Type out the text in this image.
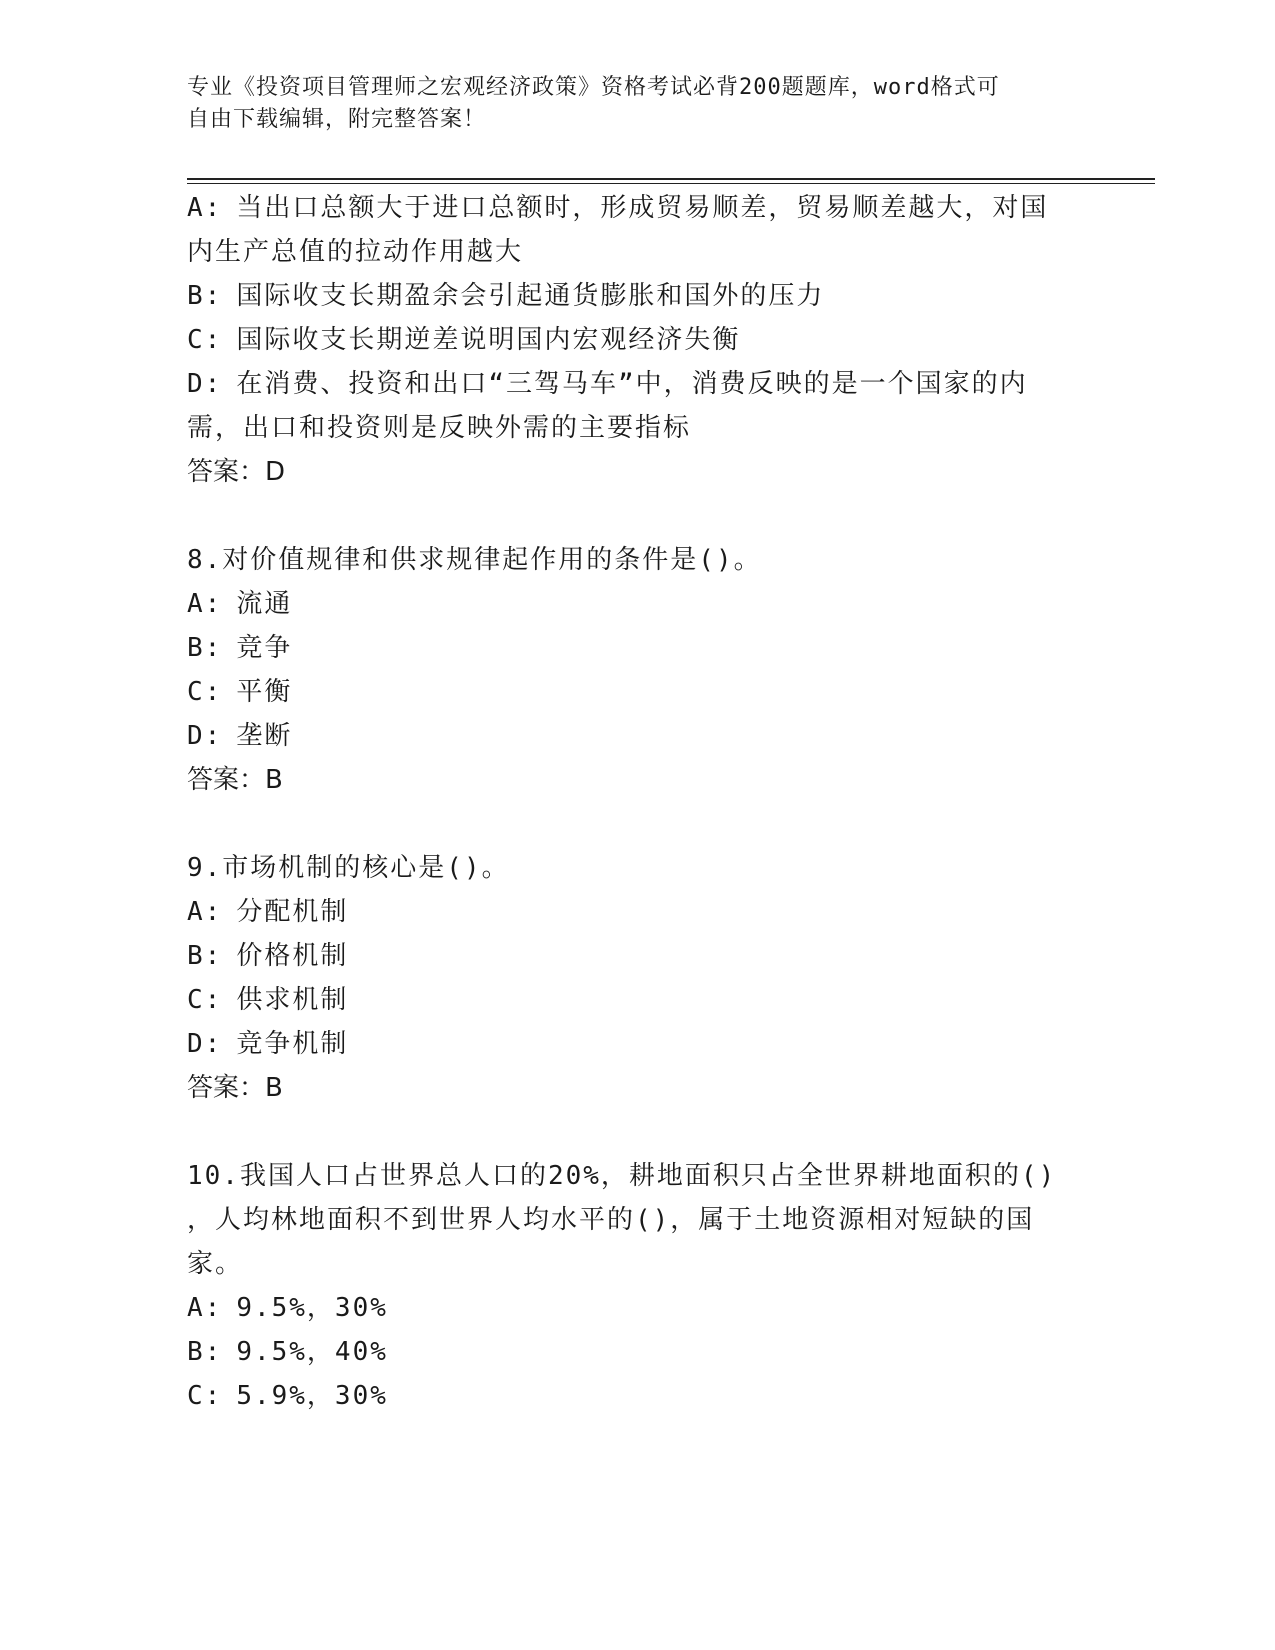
专业《投资项目管理师之宏观经济政策》资格考试必背200题题库，word格式可
自由下载编辑，附完整答案！
A: 当出口总额大于进口总额时，形成贸易顺差，贸易顺差越大，对国
内生产总值的拉动作用越大
B: 国际收支长期盈余会引起通货膨胀和国外的压力
C: 国际收支长期逆差说明国内宏观经济失衡
D: 在消费、投资和出口“三驾马车”中，消费反映的是一个国家的内
需，出口和投资则是反映外需的主要指标
答案：D
8.对价值规律和供求规律起作用的条件是()。
A: 流通
B: 竞争
C: 平衡
D: 垄断
答案：B
9.市场机制的核心是()。
A: 分配机制
B: 价格机制
C: 供求机制
D: 竞争机制
答案：B
10.我国人口占世界总人口的20%，耕地面积只占全世界耕地面积的()
，人均林地面积不到世界人均水平的()，属于土地资源相对短缺的国
家。
A: 9.5%，30%
B: 9.5%，40%
C: 5.9%，30%
